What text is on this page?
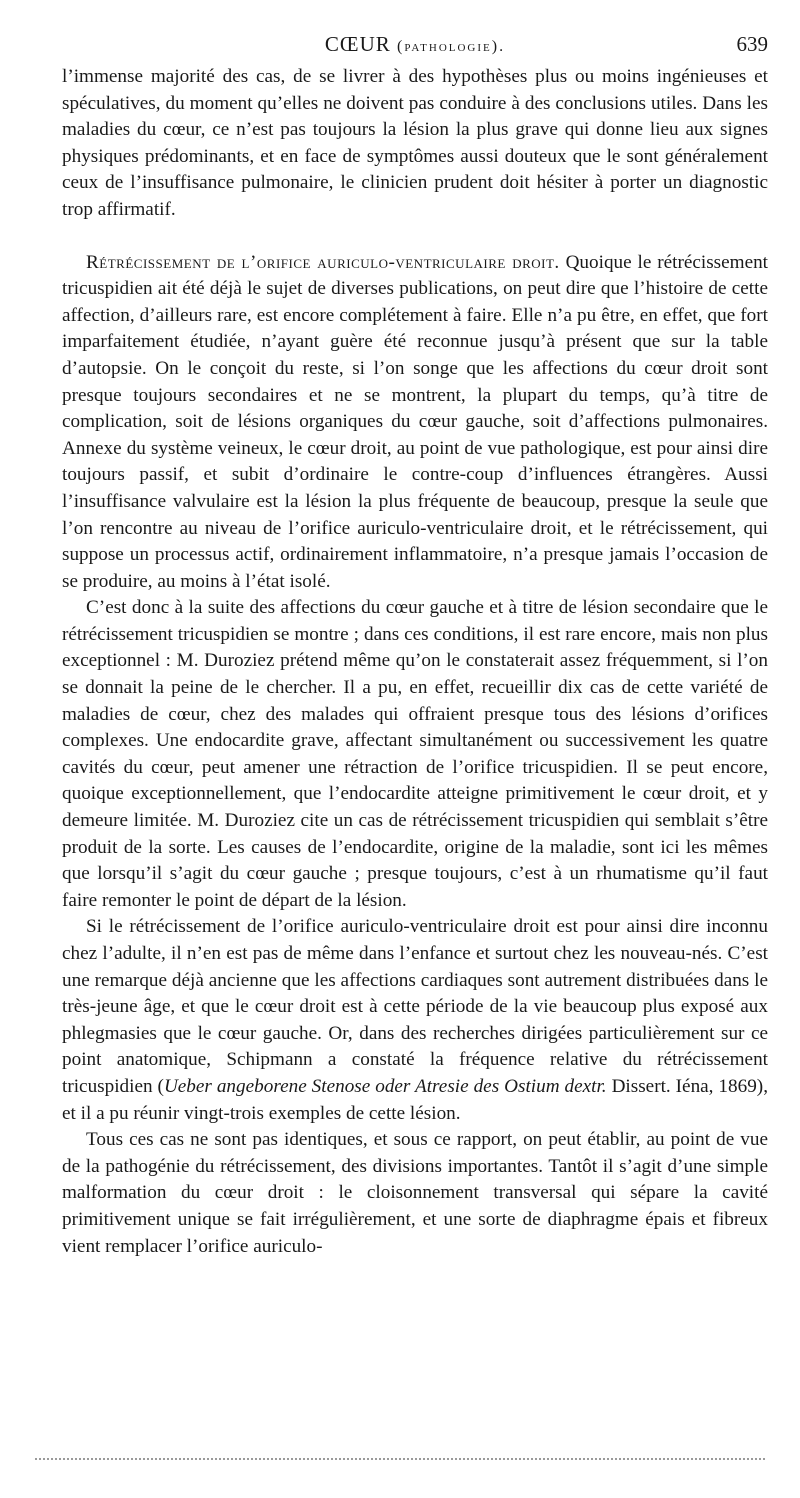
CŒUR (pathologie).	639

l’immense majorité des cas, de se livrer à des hypothèses plus ou moins ingénieuses et spéculatives, du moment qu’elles ne doivent pas conduire à des conclusions utiles. Dans les maladies du cœur, ce n’est pas toujours la lésion la plus grave qui donne lieu aux signes physiques prédominants, et en face de symptômes aussi douteux que le sont généralement ceux de l’insuffisance pulmonaire, le clinicien prudent doit hésiter à porter un diagnostic trop affirmatif.

Rétrécissement de l’orifice auriculo-ventriculaire droit. Quoique le rétrécissement tricuspidien ait été déjà le sujet de diverses publications, on peut dire que l’histoire de cette affection, d’ailleurs rare, est encore complétement à faire. Elle n’a pu être, en effet, que fort imparfaitement étudiée, n’ayant guère été reconnue jusqu’à présent que sur la table d’autopsie. On le conçoit du reste, si l’on songe que les affections du cœur droit sont presque toujours secondaires et ne se montrent, la plupart du temps, qu’à titre de complication, soit de lésions organiques du cœur gauche, soit d’affections pulmonaires. Annexe du système veineux, le cœur droit, au point de vue pathologique, est pour ainsi dire toujours passif, et subit d’ordinaire le contre-coup d’influences étrangères. Aussi l’insuffisance valvulaire est la lésion la plus fréquente de beaucoup, presque la seule que l’on rencontre au niveau de l’orifice auriculo-ventriculaire droit, et le rétrécissement, qui suppose un processus actif, ordinairement inflammatoire, n’a presque jamais l’occasion de se produire, au moins à l’état isolé.

C’est donc à la suite des affections du cœur gauche et à titre de lésion secondaire que le rétrécissement tricuspidien se montre ; dans ces conditions, il est rare encore, mais non plus exceptionnel : M. Duroziez prétend même qu’on le constaterait assez fréquemment, si l’on se donnait la peine de le chercher. Il a pu, en effet, recueillir dix cas de cette variété de maladies de cœur, chez des malades qui offraient presque tous des lésions d’orifices complexes. Une endocardite grave, affectant simultanément ou successivement les quatre cavités du cœur, peut amener une rétraction de l’orifice tricuspidien. Il se peut encore, quoique exceptionnellement, que l’endocardite atteigne primitivement le cœur droit, et y demeure limitée. M. Duroziez cite un cas de rétrécissement tricuspidien qui semblait s’être produit de la sorte. Les causes de l’endocardite, origine de la maladie, sont ici les mêmes que lorsqu’il s’agit du cœur gauche ; presque toujours, c’est à un rhumatisme qu’il faut faire remonter le point de départ de la lésion.

Si le rétrécissement de l’orifice auriculo-ventriculaire droit est pour ainsi dire inconnu chez l’adulte, il n’en est pas de même dans l’enfance et surtout chez les nouveau-nés. C’est une remarque déjà ancienne que les affections cardiaques sont autrement distribuées dans le très-jeune âge, et que le cœur droit est à cette période de la vie beaucoup plus exposé aux phlegmasies que le cœur gauche. Or, dans des recherches dirigées particulièrement sur ce point anatomique, Schipmann a constaté la fréquence relative du rétrécissement tricuspidien (Ueber angeborene Stenose oder Atresie des Ostium dextr. Dissert. Iéna, 1869), et il a pu réunir vingt-trois exemples de cette lésion.

Tous ces cas ne sont pas identiques, et sous ce rapport, on peut établir, au point de vue de la pathogénie du rétrécissement, des divisions importantes. Tantôt il s’agit d’une simple malformation du cœur droit : le cloisonnement transversal qui sépare la cavité primitivement unique se fait irrégulièrement, et une sorte de diaphragme épais et fibreux vient remplacer l’orifice auriculo-
